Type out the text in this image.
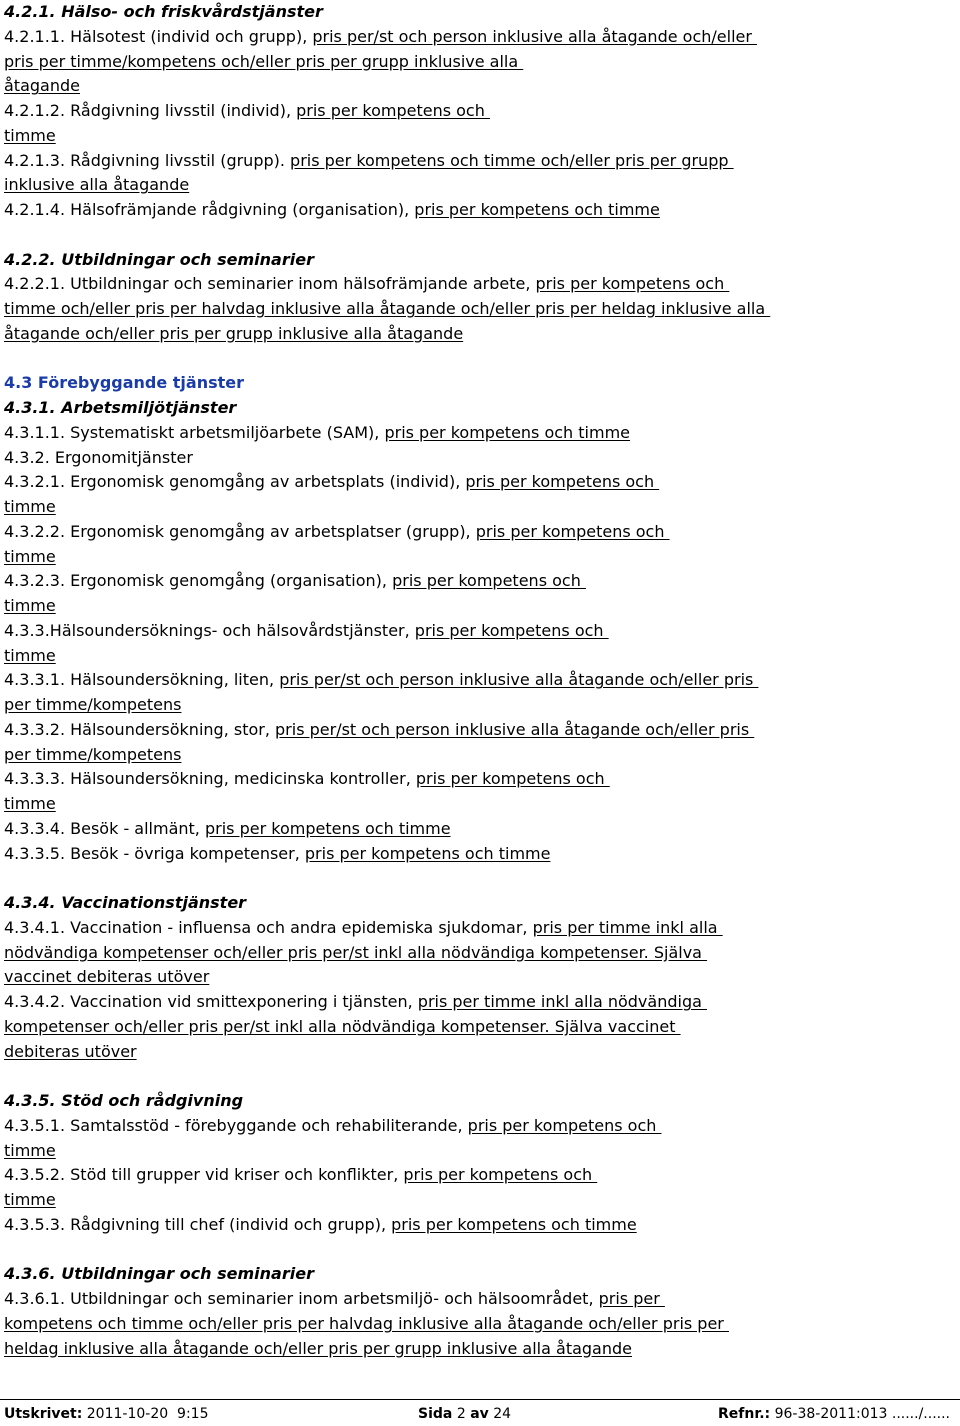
4.2.1. Hälso- och friskvårdstjänster
4.2.1.1. Hälsotest (individ och grupp), pris per/st och person inklusive alla åtagande och/eller
pris per timme/kompetens och/eller pris per grupp inklusive alla
åtagande
4.2.1.2. Rådgivning livsstil (individ), pris per kompetens och
timme
4.2.1.3. Rådgivning livsstil (grupp). pris per kompetens och timme och/eller pris per grupp
inklusive alla åtagande
4.2.1.4. Hälsofrämjande rådgivning (organisation), pris per kompetens och timme
4.2.2. Utbildningar och seminarier
4.2.2.1. Utbildningar och seminarier inom hälsofrämjande arbete, pris per kompetens och
timme och/eller pris per halvdag inklusive alla åtagande och/eller pris per heldag inklusive alla
åtagande och/eller pris per grupp inklusive alla åtagande
4.3 Förebyggande tjänster
4.3.1. Arbetsmiljötjänster
4.3.1.1. Systematiskt arbetsmiljöarbete (SAM), pris per kompetens och timme
4.3.2. Ergonomitjänster
4.3.2.1. Ergonomisk genomgång av arbetsplats (individ), pris per kompetens och
timme
4.3.2.2. Ergonomisk genomgång av arbetsplatser (grupp), pris per kompetens och
timme
4.3.2.3. Ergonomisk genomgång (organisation), pris per kompetens och
timme
4.3.3.Hälsoundersöknings- och hälsovårdstjänster, pris per kompetens och
timme
4.3.3.1. Hälsoundersökning, liten, pris per/st och person inklusive alla åtagande och/eller pris
per timme/kompetens
4.3.3.2. Hälsoundersökning, stor, pris per/st och person inklusive alla åtagande och/eller pris
per timme/kompetens
4.3.3.3. Hälsoundersökning, medicinska kontroller, pris per kompetens och
timme
4.3.3.4. Besök - allmänt, pris per kompetens och timme
4.3.3.5. Besök - övriga kompetenser, pris per kompetens och timme
4.3.4. Vaccinationstjänster
4.3.4.1. Vaccination - influensa och andra epidemiska sjukdomar, pris per timme inkl alla
nödvändiga kompetenser och/eller pris per/st inkl alla nödvändiga kompetenser. Själva
vaccinet debiteras utöver
4.3.4.2. Vaccination vid smittexponering i tjänsten, pris per timme inkl alla nödvändiga
kompetenser och/eller pris per/st inkl alla nödvändiga kompetenser. Själva vaccinet
debiteras utöver
4.3.5. Stöd och rådgivning
4.3.5.1. Samtalsstöd - förebyggande och rehabiliterande, pris per kompetens och
timme
4.3.5.2. Stöd till grupper vid kriser och konflikter, pris per kompetens och
timme
4.3.5.3. Rådgivning till chef (individ och grupp), pris per kompetens och timme
4.3.6. Utbildningar och seminarier
4.3.6.1. Utbildningar och seminarier inom arbetsmiljö- och hälsoområdet, pris per
kompetens och timme och/eller pris per halvdag inklusive alla åtagande och/eller pris per
heldag inklusive alla åtagande och/eller pris per grupp inklusive alla åtagande
Utskrivet: 2011-10-20  9:15	Sida 2 av 24	Refnr.: 96-38-2011:013 ....../......
